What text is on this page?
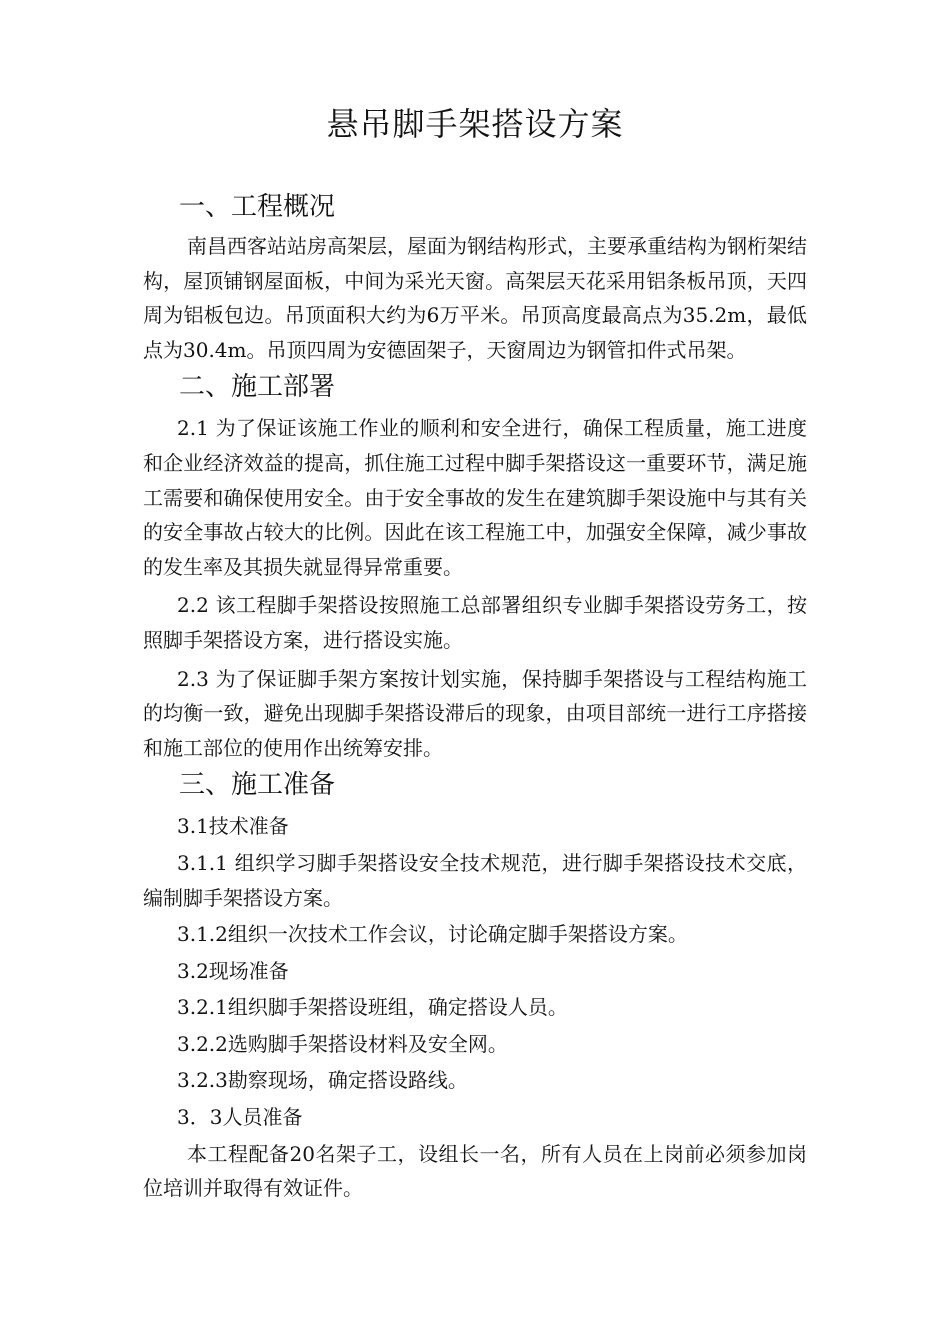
悬吊脚手架搭设方案
一、工程概况

南昌西客站站房高架层，屋面为钢结构形式，主要承重结构为钢桁架结构，屋顶铺钢屋面板，中间为采光天窗。高架层天花采用铝条板吊顶，天四周为铝板包边。吊顶面积大约为6万平米。吊顶高度最高点为35.2m，最低点为30.4m。吊顶四周为安德固架子，天窗周边为钢管扣件式吊架。

二、施工部署

2.1 为了保证该施工作业的顺利和安全进行，确保工程质量，施工进度和企业经济效益的提高，抓住施工过程中脚手架搭设这一重要环节，满足施工需要和确保使用安全。由于安全事故的发生在建筑脚手架设施中与其有关的安全事故占较大的比例。因此在该工程施工中，加强安全保障，减少事故的发生率及其损失就显得异常重要。

2.2 该工程脚手架搭设按照施工总部署组织专业脚手架搭设劳务工，按照脚手架搭设方案，进行搭设实施。

2.3 为了保证脚手架方案按计划实施，保持脚手架搭设与工程结构施工的均衡一致，避免出现脚手架搭设滞后的现象，由项目部统一进行工序搭接和施工部位的使用作出统筹安排。

三、施工准备

3.1技术准备

3.1.1 组织学习脚手架搭设安全技术规范，进行脚手架搭设技术交底，编制脚手架搭设方案。

3.1.2组织一次技术工作会议，讨论确定脚手架搭设方案。

3.2现场准备

3.2.1组织脚手架搭设班组，确定搭设人员。

3.2.2选购脚手架搭设材料及安全网。

3.2.3勘察现场，确定搭设路线。

3．3人员准备

本工程配备20名架子工，设组长一名，所有人员在上岗前必须参加岗位培训并取得有效证件。
